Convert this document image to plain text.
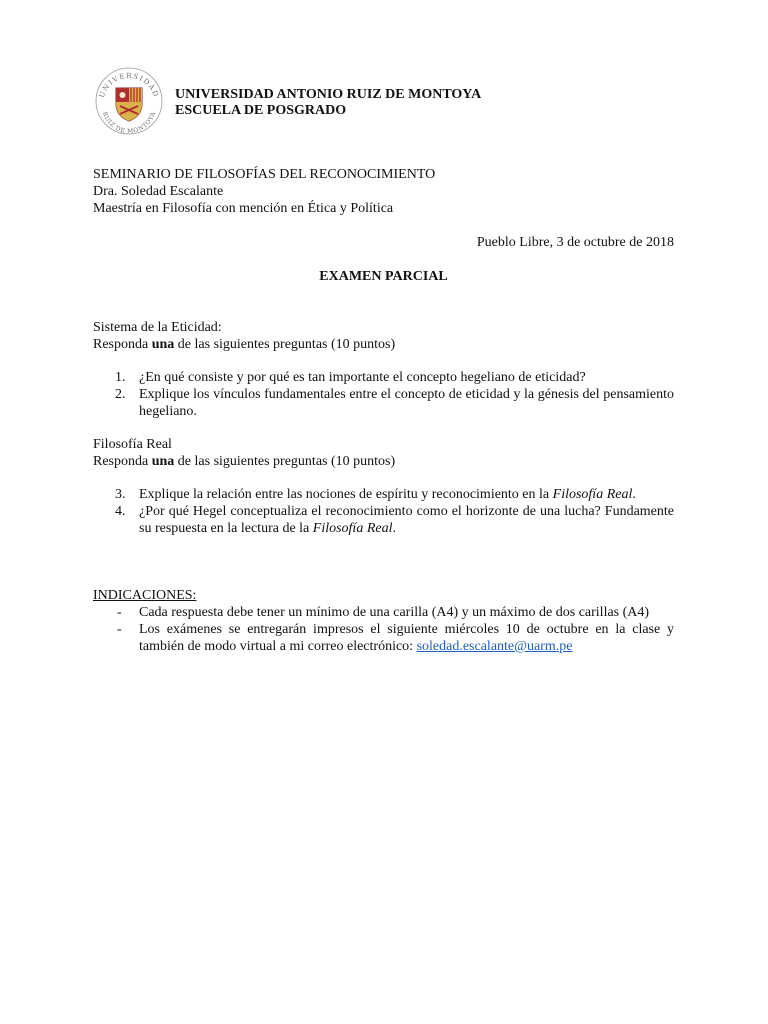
UNIVERSIDAD
RUIZ DE MONTOYA
UNIVERSIDAD ANTONIO RUIZ DE MONTOYA
ESCUELA DE POSGRADO
SEMINARIO DE FILOSOFÍAS DEL RECONOCIMIENTO
Dra. Soledad Escalante
Maestría en Filosofía con mención en Ética y Política
Pueblo Libre, 3 de octubre de 2018
EXAMEN PARCIAL
Sistema de la Eticidad:
Responda una de las siguientes preguntas (10 puntos)
1. ¿En qué consiste y por qué es tan importante el concepto hegeliano de eticidad?
2. Explique los vínculos fundamentales entre el concepto de eticidad y la génesis del pensamiento hegeliano.
Filosofía Real
Responda una de las siguientes preguntas (10 puntos)
3. Explique la relación entre las nociones de espíritu y reconocimiento en la Filosofía Real.
4. ¿Por qué Hegel conceptualiza el reconocimiento como el horizonte de una lucha? Fundamente su respuesta en la lectura de la Filosofía Real.
INDICACIONES:
- Cada respuesta debe tener un mínimo de una carilla (A4) y un máximo de dos carillas (A4)
- Los exámenes se entregarán impresos el siguiente miércoles 10 de octubre en la clase y también de modo virtual a mi correo electrónico: soledad.escalante@uarm.pe
